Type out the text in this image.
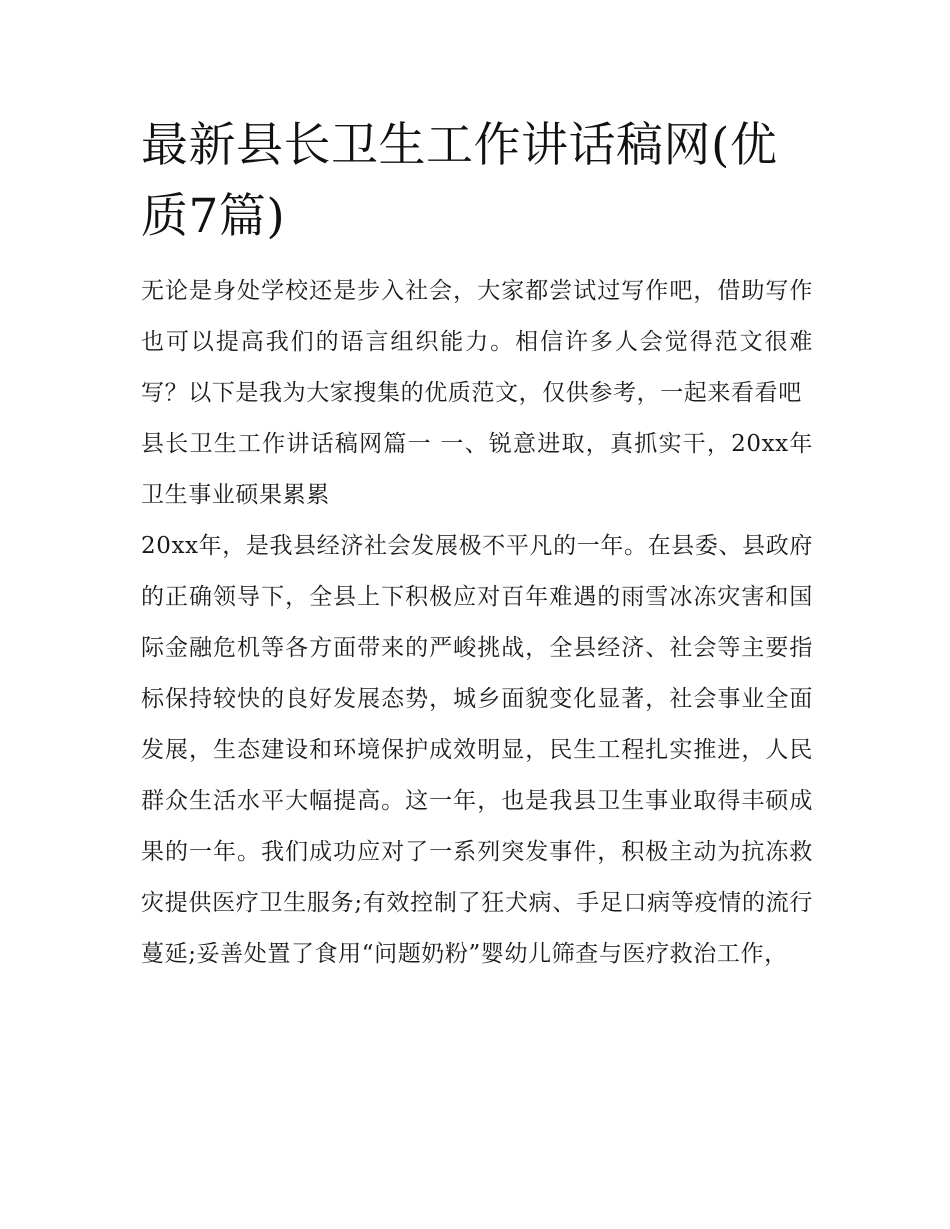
最新县长卫生工作讲话稿网(优质7篇)

无论是身处学校还是步入社会，大家都尝试过写作吧，借助写作也可以提高我们的语言组织能力。相信许多人会觉得范文很难写？以下是我为大家搜集的优质范文，仅供参考，一起来看看吧

县长卫生工作讲话稿网篇一 一、锐意进取，真抓实干，20xx年卫生事业硕果累累

20xx年，是我县经济社会发展极不平凡的一年。在县委、县政府的正确领导下，全县上下积极应对百年难遇的雨雪冰冻灾害和国际金融危机等各方面带来的严峻挑战，全县经济、社会等主要指标保持较快的良好发展态势，城乡面貌变化显著，社会事业全面发展，生态建设和环境保护成效明显，民生工程扎实推进，人民群众生活水平大幅提高。这一年，也是我县卫生事业取得丰硕成果的一年。我们成功应对了一系列突发事件，积极主动为抗冻救灾提供医疗卫生服务;有效控制了狂犬病、手足口病等疫情的流行蔓延;妥善处置了食用“问题奶粉”婴幼儿筛查与医疗救治工作，
